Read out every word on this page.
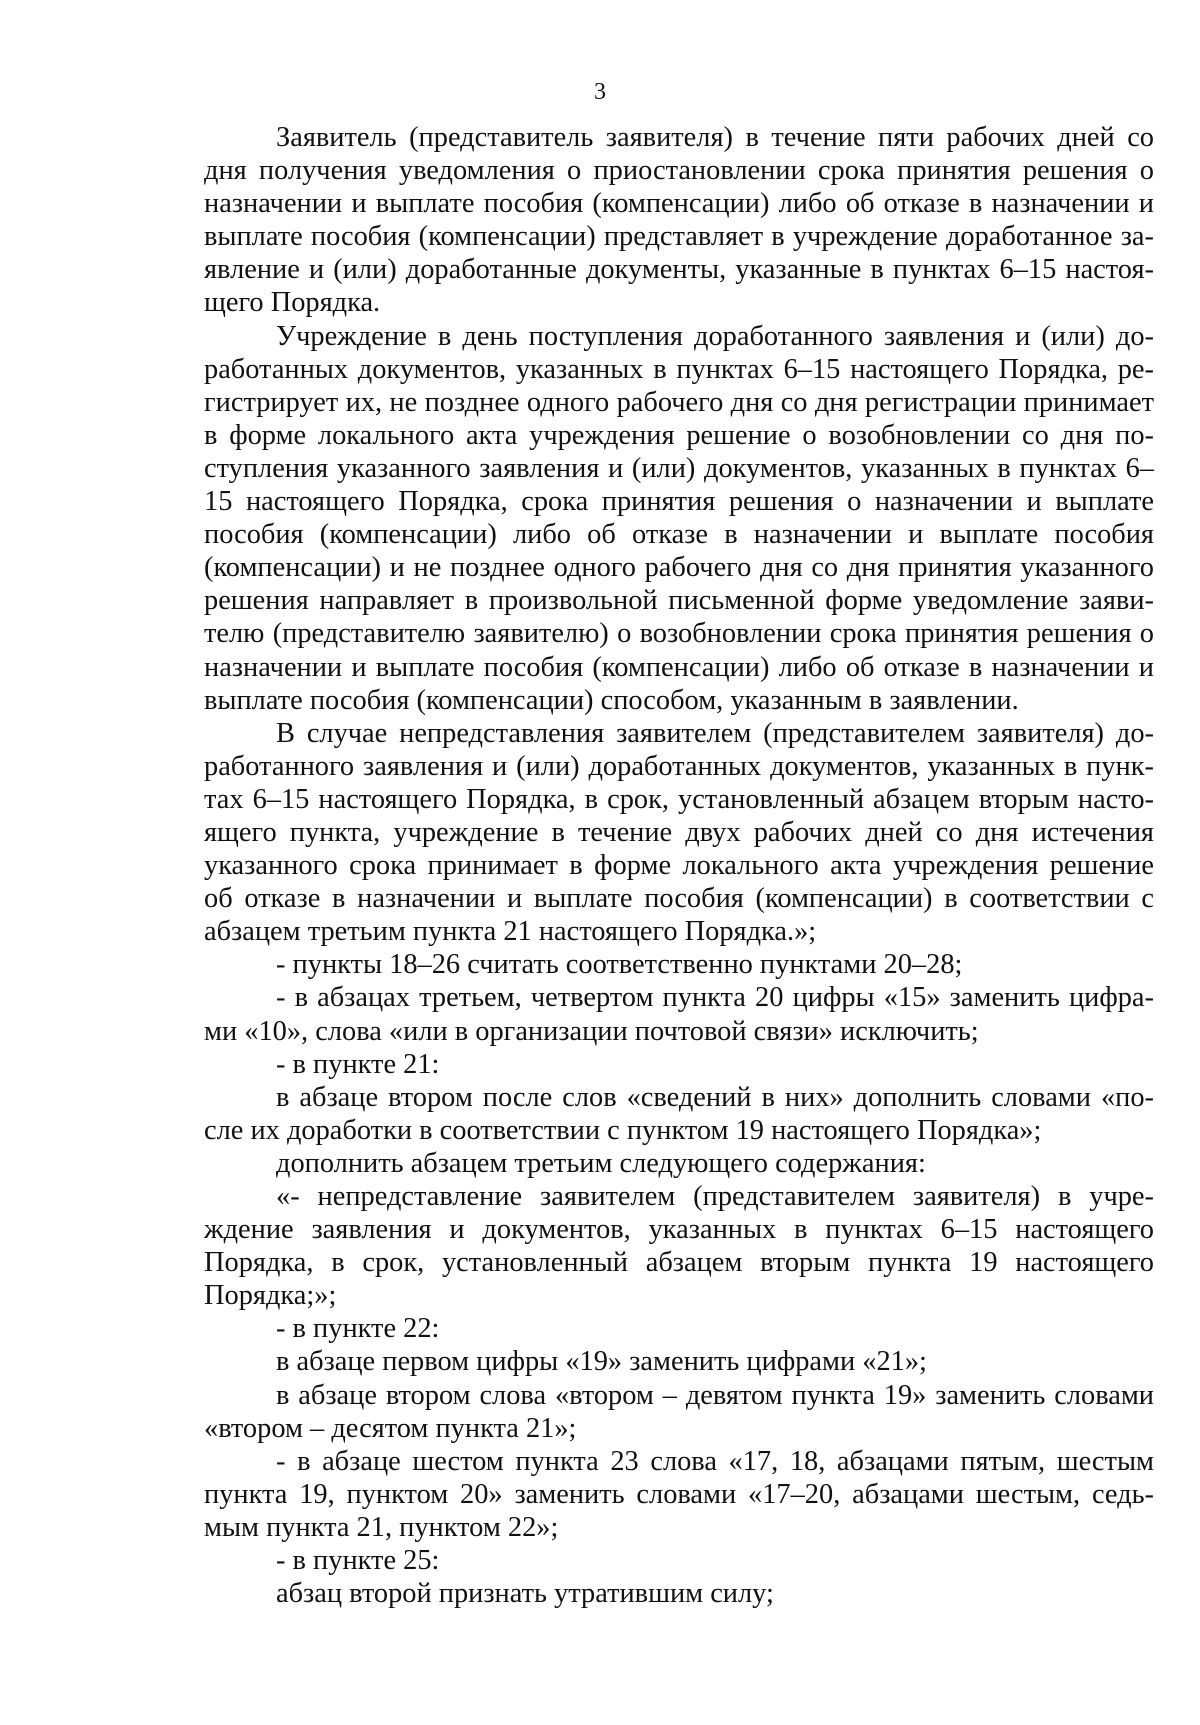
3

Заявитель (представитель заявителя) в течение пяти рабочих дней со дня получения уведомления о приостановлении срока принятия решения о назначении и выплате пособия (компенсации) либо об отказе в назначении и выплате пособия (компенсации) представляет в учреждение доработанное заявление и (или) доработанные документы, указанные в пунктах 6–15 настоящего Порядка.

Учреждение в день поступления доработанного заявления и (или) доработанных документов, указанных в пунктах 6–15 настоящего Порядка, регистрирует их, не позднее одного рабочего дня со дня регистрации принимает в форме локального акта учреждения решение о возобновлении со дня поступления указанного заявления и (или) документов, указанных в пунктах 6–15 настоящего Порядка, срока принятия решения о назначении и выплате пособия (компенсации) либо об отказе в назначении и выплате пособия (компенсации) и не позднее одного рабочего дня со дня принятия указанного решения направляет в произвольной письменной форме уведомление заявителю (представителю заявителю) о возобновлении срока принятия решения о назначении и выплате пособия (компенсации) либо об отказе в назначении и выплате пособия (компенсации) способом, указанным в заявлении.

В случае непредставления заявителем (представителем заявителя) доработанного заявления и (или) доработанных документов, указанных в пунктах 6–15 настоящего Порядка, в срок, установленный абзацем вторым настоящего пункта, учреждение в течение двух рабочих дней со дня истечения указанного срока принимает в форме локального акта учреждения решение об отказе в назначении и выплате пособия (компенсации) в соответствии с абзацем третьим пункта 21 настоящего Порядка.»;

- пункты 18–26 считать соответственно пунктами 20–28;

- в абзацах третьем, четвертом пункта 20 цифры «15» заменить цифрами «10», слова «или в организации почтовой связи» исключить;

- в пункте 21:

в абзаце втором после слов «сведений в них» дополнить словами «после их доработки в соответствии с пунктом 19 настоящего Порядка»;

дополнить абзацем третьим следующего содержания:

«- непредставление заявителем (представителем заявителя) в учреждение заявления и документов, указанных в пунктах 6–15 настоящего Порядка, в срок, установленный абзацем вторым пункта 19 настоящего Порядка;»;

- в пункте 22:

в абзаце первом цифры «19» заменить цифрами «21»;

в абзаце втором слова «втором – девятом пункта 19» заменить словами «втором – десятом пункта 21»;

- в абзаце шестом пункта 23 слова «17, 18, абзацами пятым, шестым пункта 19, пунктом 20» заменить словами «17–20, абзацами шестым, седьмым пункта 21, пунктом 22»;

- в пункте 25:

абзац второй признать утратившим силу;
